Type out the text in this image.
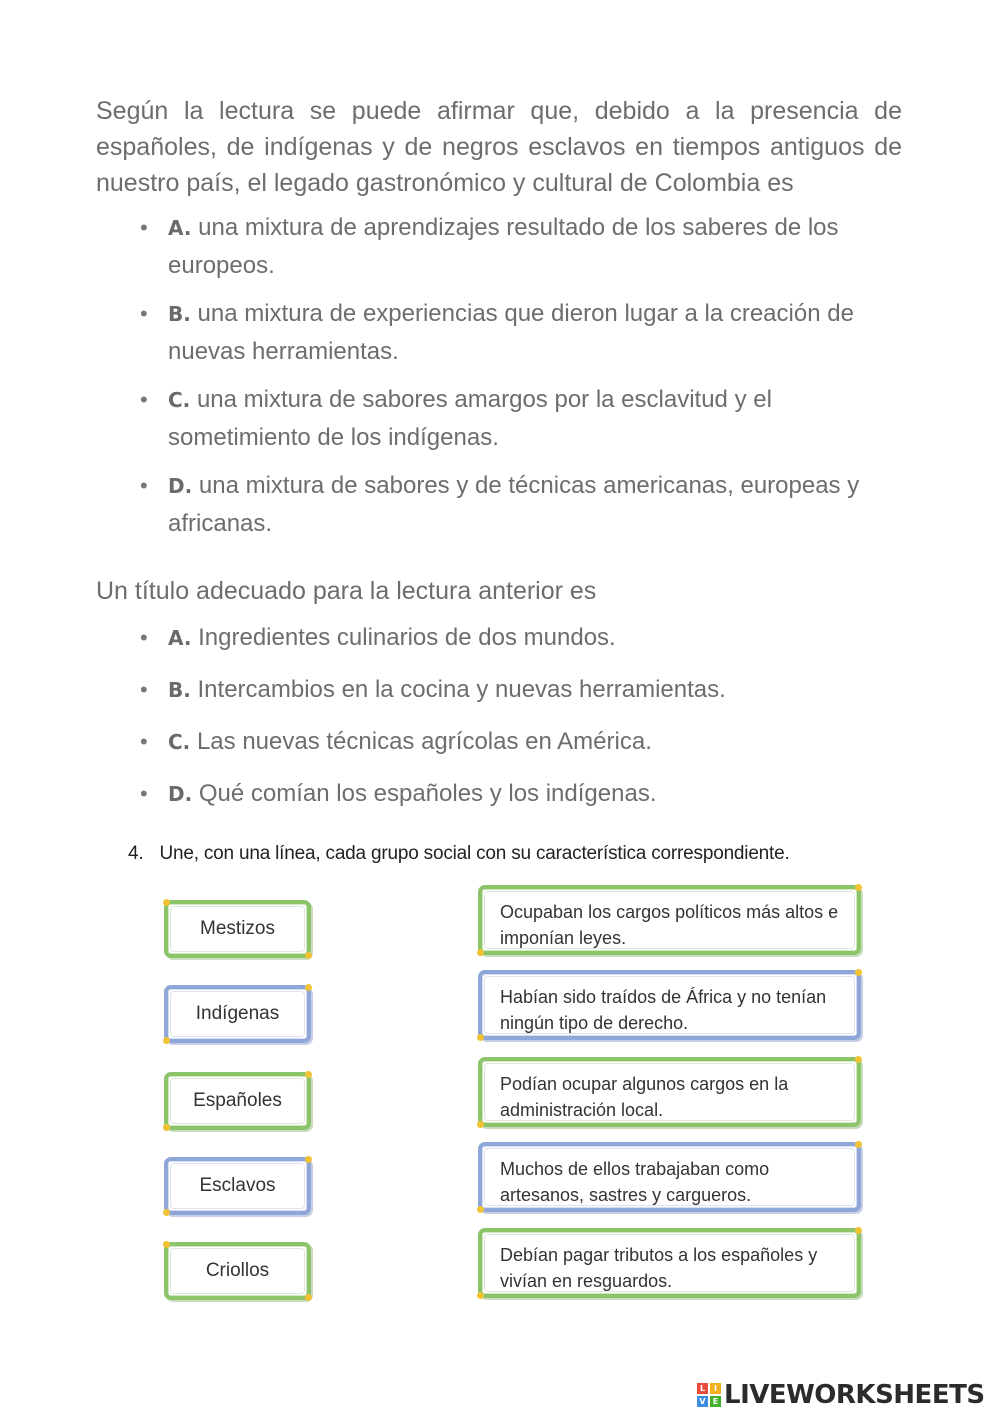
Según la lectura se puede afirmar que, debido a la presencia de españoles, de indígenas y de negros esclavos en tiempos antiguos de nuestro país, el legado gastronómico y cultural de Colombia es

• A. una mixtura de aprendizajes resultado de los saberes de los europeos.
• B. una mixtura de experiencias que dieron lugar a la creación de nuevas herramientas.
• C. una mixtura de sabores amargos por la esclavitud y el sometimiento de los indígenas.
• D. una mixtura de sabores y de técnicas americanas, europeas y africanas.

Un título adecuado para la lectura anterior es

• A. Ingredientes culinarios de dos mundos.
• B. Intercambios en la cocina y nuevas herramientas.
• C. Las nuevas técnicas agrícolas en América.
• D. Qué comían los españoles y los indígenas.
4. Une, con una línea, cada grupo social con su característica correspondiente.
Mestizos
Indígenas
Españoles
Esclavos
Criollos
Ocupaban los cargos políticos más altos e imponían leyes.
Habían sido traídos de África y no tenían ningún tipo de derecho.
Podían ocupar algunos cargos en la administración local.
Muchos de ellos trabajaban como artesanos, sastres y cargueros.
Debían pagar tributos a los españoles y vivían en resguardos.
L	I
V E LIVEWORKSHEETS
